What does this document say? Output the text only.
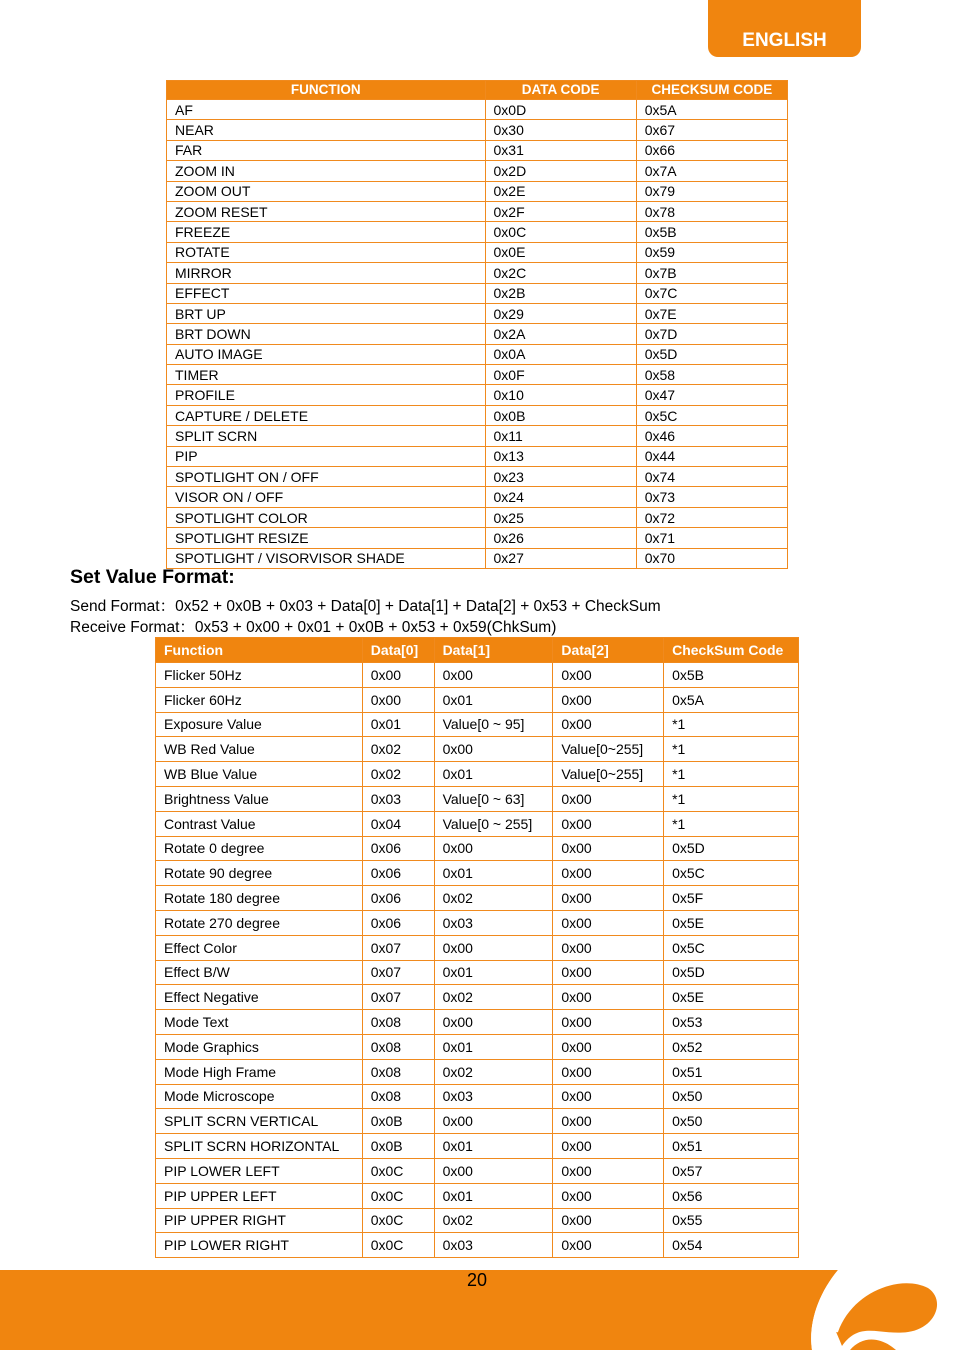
ENGLISH
FUNCTION	DATA CODE	CHECKSUM CODE
AF	0x0D	0x5A
NEAR	0x30	0x67
FAR	0x31	0x66
ZOOM IN	0x2D	0x7A
ZOOM OUT	0x2E	0x79
ZOOM RESET	0x2F	0x78
FREEZE	0x0C	0x5B
ROTATE	0x0E	0x59
MIRROR	0x2C	0x7B
EFFECT	0x2B	0x7C
BRT UP	0x29	0x7E
BRT DOWN	0x2A	0x7D
AUTO IMAGE	0x0A	0x5D
TIMER	0x0F	0x58
PROFILE	0x10	0x47
CAPTURE / DELETE	0x0B	0x5C
SPLIT SCRN	0x11	0x46
PIP	0x13	0x44
SPOTLIGHT ON / OFF	0x23	0x74
VISOR ON / OFF	0x24	0x73
SPOTLIGHT COLOR	0x25	0x72
SPOTLIGHT RESIZE	0x26	0x71
SPOTLIGHT / VISORVISOR SHADE	0x27	0x70
Set Value Format:
Send Format：0x52 + 0x0B + 0x03 + Data[0] + Data[1] + Data[2] + 0x53 + CheckSum
Receive Format：0x53 + 0x00 + 0x01 + 0x0B + 0x53 + 0x59(ChkSum)
Function	Data[0]	Data[1]	Data[2]	CheckSum Code
Flicker 50Hz	0x00	0x00	0x00	0x5B
Flicker 60Hz	0x00	0x01	0x00	0x5A
Exposure Value	0x01	Value[0 ~ 95]	0x00	*1
WB Red Value	0x02	0x00	Value[0~255]	*1
WB Blue Value	0x02	0x01	Value[0~255]	*1
Brightness Value	0x03	Value[0 ~ 63]	0x00	*1
Contrast Value	0x04	Value[0 ~ 255]	0x00	*1
Rotate 0 degree	0x06	0x00	0x00	0x5D
Rotate 90 degree	0x06	0x01	0x00	0x5C
Rotate 180 degree	0x06	0x02	0x00	0x5F
Rotate 270 degree	0x06	0x03	0x00	0x5E
Effect Color	0x07	0x00	0x00	0x5C
Effect B/W	0x07	0x01	0x00	0x5D
Effect Negative	0x07	0x02	0x00	0x5E
Mode Text	0x08	0x00	0x00	0x53
Mode Graphics	0x08	0x01	0x00	0x52
Mode High Frame	0x08	0x02	0x00	0x51
Mode Microscope	0x08	0x03	0x00	0x50
SPLIT SCRN VERTICAL	0x0B	0x00	0x00	0x50
SPLIT SCRN HORIZONTAL	0x0B	0x01	0x00	0x51
PIP LOWER LEFT	0x0C	0x00	0x00	0x57
PIP UPPER LEFT	0x0C	0x01	0x00	0x56
PIP UPPER RIGHT	0x0C	0x02	0x00	0x55
PIP LOWER RIGHT	0x0C	0x03	0x00	0x54
20
